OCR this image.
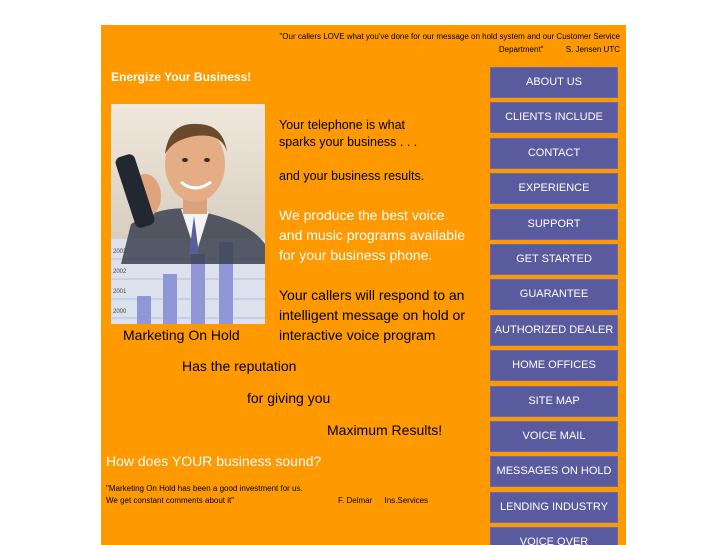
"Our callers LOVE what you've done for our message on hold system and our Customer Service Department"	S. Jensen UTC
Energize Your Business!
2003
2002
2001
2000
Marketing On Hold
Your telephone is what
sparks your business . . .
and your business results.
We produce the best voice
and music programs available
for your business phone.
Your callers will respond to an
intelligent message on hold or
interactive voice program
Has the reputation
for giving you
Maximum Results!
How does YOUR business sound?
"Marketing On Hold has been a good investment for us.
We get constant comments about it"	F. Delmar Ins.Services
ABOUT US
CLIENTS INCLUDE
CONTACT
EXPERIENCE
SUPPORT
GET STARTED
GUARANTEE
AUTHORIZED DEALER
HOME OFFICES
SITE MAP
VOICE MAIL
MESSAGES ON HOLD
LENDING INDUSTRY
VOICE OVER
